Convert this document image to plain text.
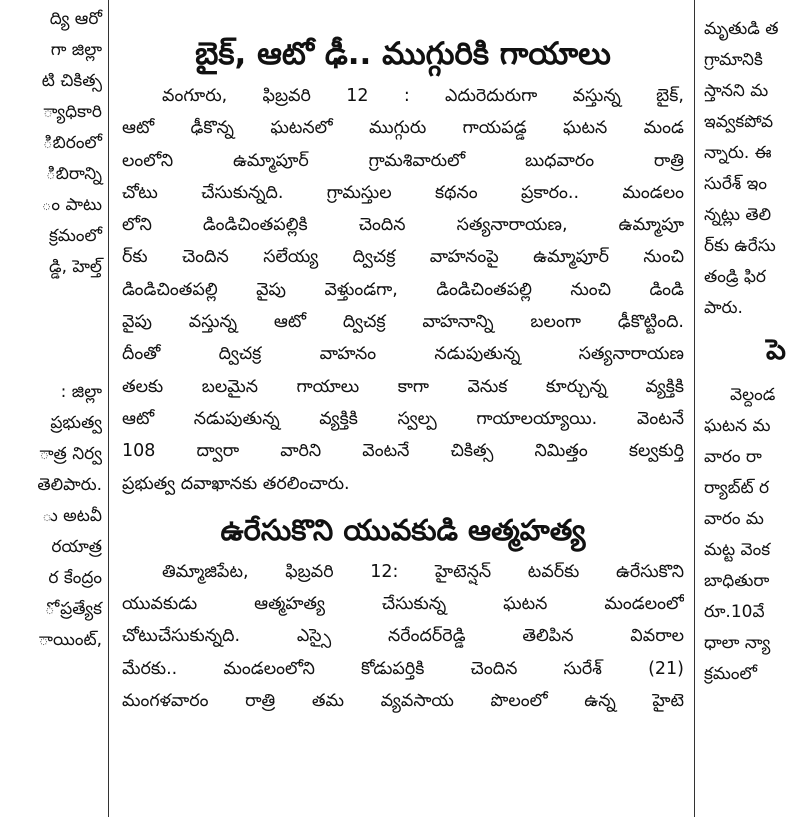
ద్యి ఆరో

గా జిల్లా

టి చికిత్స

్యాధికారి

ిబిరంలో

ిబిరాన్ని

ం పాటు

క్రమంలో

డ్డి, హెల్త్

: జిల్లా

ప్రభుత్వ

ాత్ర నిర్వ

తెలిపారు.

ు అటవీ

రయాత్ర

ర కేంద్రం

ో ప్రత్యేక

ాయింట్,

బైక్, ఆటో ఢీ.. ముగ్గురికి గాయాలు

వంగూరు, ఫిబ్రవరి 12 : ఎదురెదురుగా వస్తున్న బైక్,

ఆటో ఢీకొన్న ఘటనలో ముగ్గురు గాయపడ్డ ఘటన మండ

లంలోని ఉమ్మాపూర్ గ్రామశివారులో బుధవారం రాత్రి

చోటు చేసుకున్నది. గ్రామస్తుల కథనం ప్రకారం.. మండలం

లోని డిండిచింతపల్లికి చెందిన సత్యనారాయణ, ఉమ్మాపూ

ర్‌కు చెందిన సలేయ్య ద్విచక్ర వాహనంపై ఉమ్మాపూర్ నుంచి

డిండిచింతపల్లి వైపు వెళ్తుండగా, డిండిచింతపల్లి నుంచి డిండి

వైపు వస్తున్న ఆటో ద్విచక్ర వాహనాన్ని బలంగా ఢీకొట్టింది.

దీంతో ద్విచక్ర వాహనం నడుపుతున్న సత్యనారాయణ

తలకు బలమైన గాయాలు కాగా వెనుక కూర్చున్న వ్యక్తికి

ఆటో నడుపుతున్న వ్యక్తికి స్వల్ప గాయాలయ్యాయి. వెంటనే

108 ద్వారా వారిని వెంటనే చికిత్స నిమిత్తం కల్వకుర్తి

ప్రభుత్వ దవాఖానకు తరలించారు.

ఉరేసుకొని యువకుడి ఆత్మహత్య

తిమ్మాజిపేట, ఫిబ్రవరి 12: హైటెన్షన్ టవర్‌కు ఉరేసుకొని

యువకుడు ఆత్మహత్య చేసుకున్న ఘటన మండలంలో

చోటుచేసుకున్నది. ఎస్సై నరేందర్‌రెడ్డి తెలిపిన వివరాల

మేరకు.. మండలంలోని కోడుపర్తికి చెందిన సురేశ్ (21)

మంగళవారం రాత్రి తమ వ్యవసాయ పొలంలో ఉన్న హైటె

మృతుడి త

గ్రామానికి

స్తానని మ

ఇవ్వకపోవ

న్నారు. ఈ

సురేశ్ ఇం

న్నట్లు తెలి

ర్‌కు ఉరేసు

తండ్రి ఫిర

పారు.

పె

వెల్దండ

ఘటన మ

వారం రా

ర్యాబ్‌ట్ ర

వారం మ

మట్ట వెంక

బాధితురా

రూ.10వే

ధాలా న్యా

క్రమంలో
